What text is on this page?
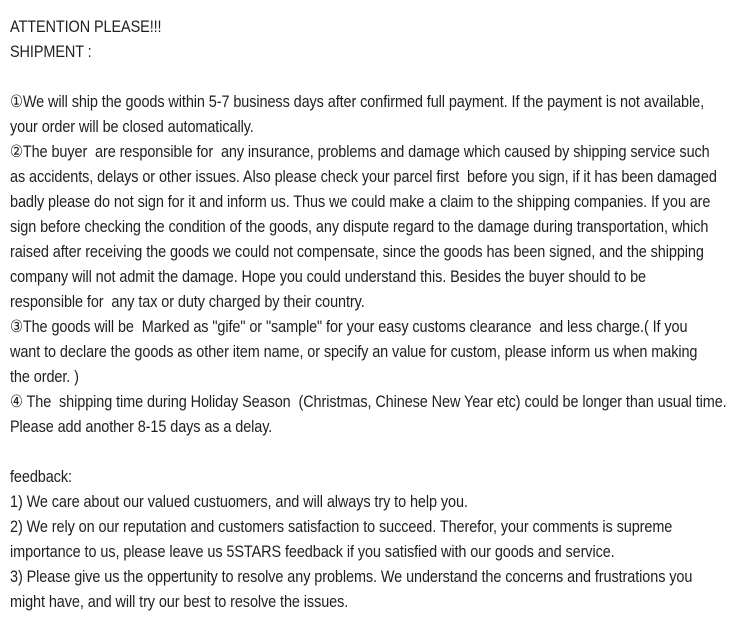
ATTENTION PLEASE!!!
SHIPMENT :
①We will ship the goods within 5-7 business days after confirmed full payment. If the payment is not available,
your order will be closed automatically.
②The buyer  are responsible for  any insurance, problems and damage which caused by shipping service such
as accidents, delays or other issues. Also please check your parcel first  before you sign, if it has been damaged
badly please do not sign for it and inform us. Thus we could make a claim to the shipping companies. If you are
sign before checking the condition of the goods, any dispute regard to the damage during transportation, which
raised after receiving the goods we could not compensate, since the goods has been signed, and the shipping
company will not admit the damage. Hope you could understand this. Besides the buyer should to be
responsible for  any tax or duty charged by their country.
③The goods will be  Marked as "gife" or "sample" for your easy customs clearance  and less charge.( If you
want to declare the goods as other item name, or specify an value for custom, please inform us when making
the order. )
④ The  shipping time during Holiday Season  (Christmas, Chinese New Year etc) could be longer than usual time.
Please add another 8-15 days as a delay.
feedback:
1) We care about our valued custuomers, and will always try to help you.
2) We rely on our reputation and customers satisfaction to succeed. Therefor, your comments is supreme
importance to us, please leave us 5STARS feedback if you satisfied with our goods and service.
3) Please give us the oppertunity to resolve any problems. We understand the concerns and frustrations you
might have, and will try our best to resolve the issues.
